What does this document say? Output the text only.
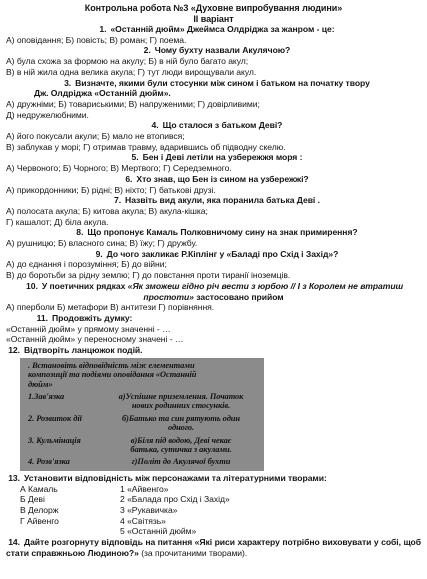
Контрольна робота №3 «Духовне випробування людини»
ІІ варіант
1. «Останній дюйм» Джеймса Олдріджа за жанром - це:
А) оповідання; Б) повість; В) роман; Г) поема.
2. Чому бухту назвали Акулячою?
А) була схожа за формою на акулу; Б) в ній було багато акул;
В) в ній жила одна велика акула; Г) тут люди вирощували акул.
3. Визначте, якими були стосунки між сином і батьком на початку твору
Дж. Олдріджа «Останній дюйм».
А) дружніми; Б) товариськими; В) напруженими; Г) довірливими;
Д) недружелюбними.
4. Що сталося з батьком Деві?
А) його покусали акули; Б) мало не втопився;
В) заблукав у морі; Г) отримав травму, вдарившись об підводну скелю.
5. Бен і Деві летіли на узбережжя моря :
А) Червоного; Б) Чорного; В) Мертвого; Г) Середземного.
6. Хто знав, що Бен із сином на узбережжі?
А) прикордонники; Б) рідні; В) ніхто; Г) батькові друзі.
7. Назвіть вид акули, яка поранила батька Деві .
А) полосата акула; Б) китова акула; В) акула-кішка;
Г) кашалот; Д) біла акула.
8. Що пропонує Камаль Полковничому сину на знак примирення?
А) рушницю; Б) власного сина; В) їжу; Г) дружбу.
9. До чого закликає Р.Кіплінг у «Баладі про Схід і Захід»?
А) до єднання і порозуміння; Б) до війни;
В) до боротьби за рідну землю; Г) до повстання проти тиранії іноземців.
10. У поетичних рядках «Як зможеш гідно річ вести з юрбою // І з Королем не втратиш простоти» застосовано прийом
А) пперболи Б) метафори В) антитези Г) порівняння.
11. Продовжіть думку:
«Останній дюйм» у прямому значенні - …
«Останній дюйм» у переносному значені - …
12. Відтворіть ланцюжок подій.
. Встановіть відповідність між елементами
композиції та подіями оповідання «Останній
дюйм»
1.Зав'язка	а)Успішне приземлення. Початок
нових родинних стосунків.
2. Розвиток дії	б)Батько та син рятують один
одного.
3. Кульмінація	в)Біля під водою, Деві чекає
батька, сутичка з акулами.
4. Розв'язка	г)Політ до Акулячої бухти
13. Установити відповідність між персонажами та літературними творами:
А Камаль	1 «Айвенго»
Б Деві	2 «Балада про Схід і Захід»
В Делорж	3 «Рукавичка»
Г Айвенго	4 «Світязь»
5 «Останній дюйм»
14. Дайте розгорнуту відповідь на питання «Які риси характеру потрібно виховувати у собі, щоб стати справжньою Людиною?» (за прочитаними творами).
